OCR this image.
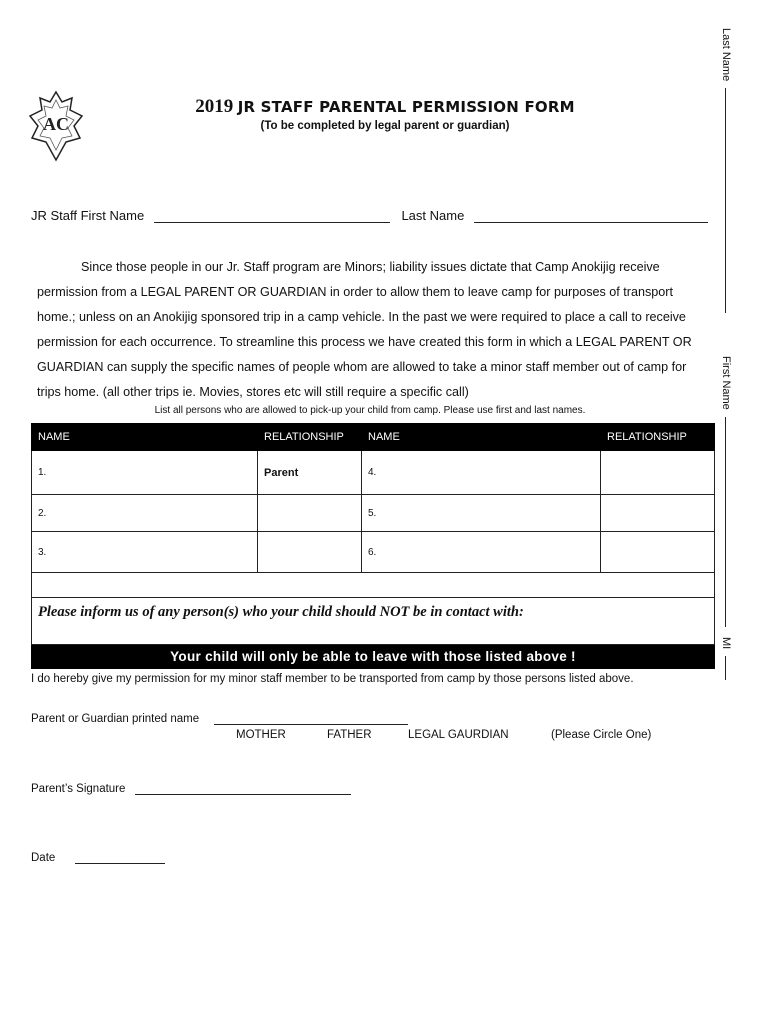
AC
2019 JR STAFF PARENTAL PERMISSION FORM
(To be completed by legal parent or guardian)
JR Staff First Name	Last Name
Since those people in our Jr. Staff program are Minors; liability issues dictate that Camp Anokijig receive permission from a LEGAL PARENT OR GUARDIAN in order to allow them to leave camp for purposes of transport home.; unless on an Anokijig sponsored trip in a camp vehicle. In the past we were required to place a call to receive permission for each occurrence. To streamline this process we have created this form in which a LEGAL PARENT OR GUARDIAN can supply the specific names of people whom are allowed to take a minor staff member out of camp for trips home. (all other trips ie. Movies, stores etc will still require a specific call)
List all persons who are allowed to pick-up your child from camp. Please use first and last names.
NAME	RELATIONSHIP	NAME	RELATIONSHIP
1.	Parent	4.	
2.		5.	
3.		6.	

Please inform us of any person(s) who your child should NOT be in contact with:
Your child will only be able to leave with those listed above !
I do hereby give my permission for my minor staff member to be transported from camp by those persons listed above.
Parent or Guardian printed name
MOTHER	FATHER	LEGAL GAURDIAN	(Please Circle One)
Parent’s Signature
Date
Last Name
First Name
MI
